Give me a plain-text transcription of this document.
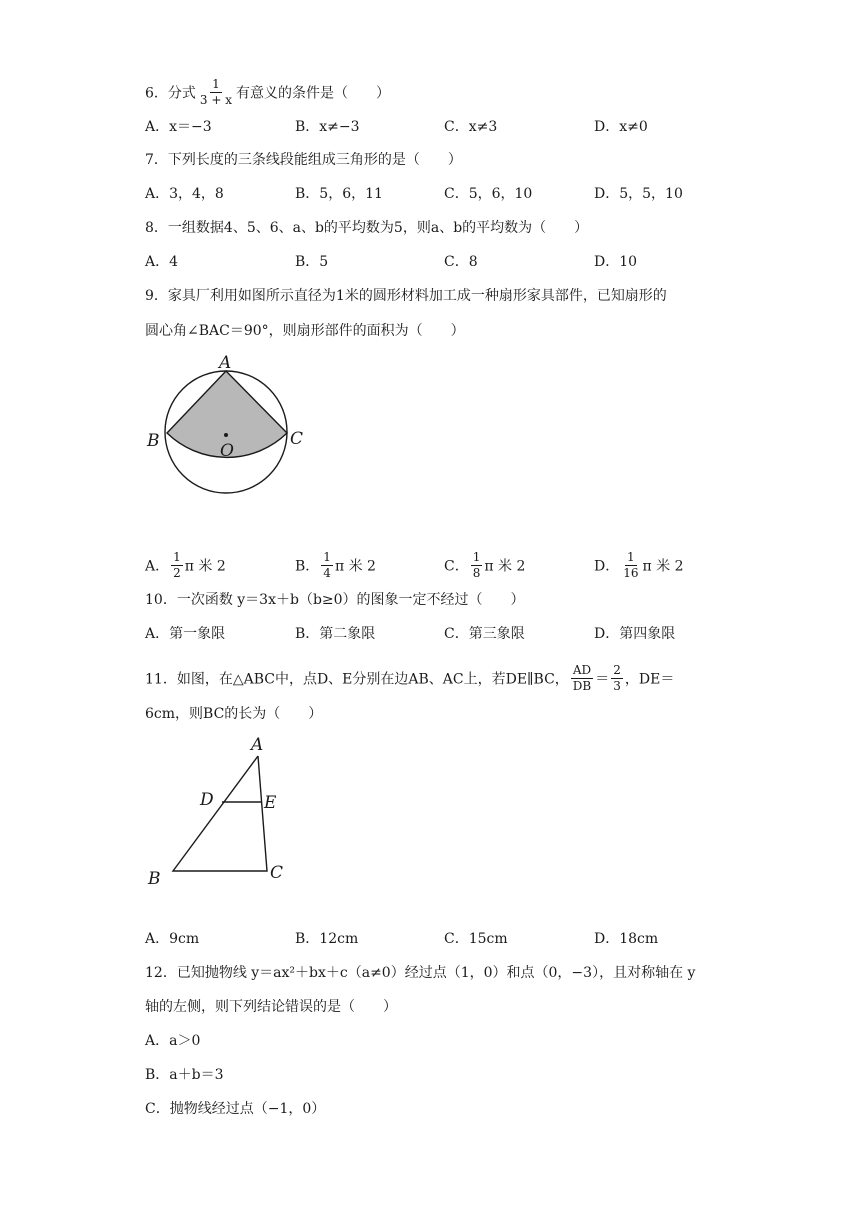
6．分式 $\frac{1}{3 + x}$ 有意义的条件是（　　）
A．x＝−3	B．x≠−3	C．x≠3	D．x≠0
7．下列长度的三条线段能组成三角形的是（　　）
A．3，4，8	B．5，6，11	C．5，6，10	D．5，5，10
8．一组数据4、5、6、a、b的平均数为5，则a、b的平均数为（　　）
A．4	B．5	C．8	D．10
9．家具厂利用如图所示直径为1米的圆形材料加工成一种扇形家具部件，已知扇形的
圆心角∠BAC＝90°，则扇形部件的面积为（　　）
A
B	C
O
A． $\frac{1}{2}$ π 米 2	B． $\frac{1}{4}$ π 米 2	C． $\frac{1}{8}$ π 米 2	D． $\frac{1}{16}$ π 米 2
10．一次函数 y＝3x＋b（b≥0）的图象一定不经过（　　）
A．第一象限	B．第二象限	C．第三象限	D．第四象限
11．如图，在△ABC中，点D、E分别在边AB、AC上，若DE∥BC， $\frac{AD}{DB} = \frac{2}{3}$ ，DE＝
6cm，则BC的长为（　　）
A
D	E
B	C
A．9cm	B．12cm	C．15cm	D．18cm
12．已知抛物线 y＝ax²＋bx＋c（a≠0）经过点（1，0）和点（0，−3），且对称轴在 y
轴的左侧，则下列结论错误的是（　　）
A．a＞0
B．a＋b＝3
C．抛物线经过点（−1，0）
